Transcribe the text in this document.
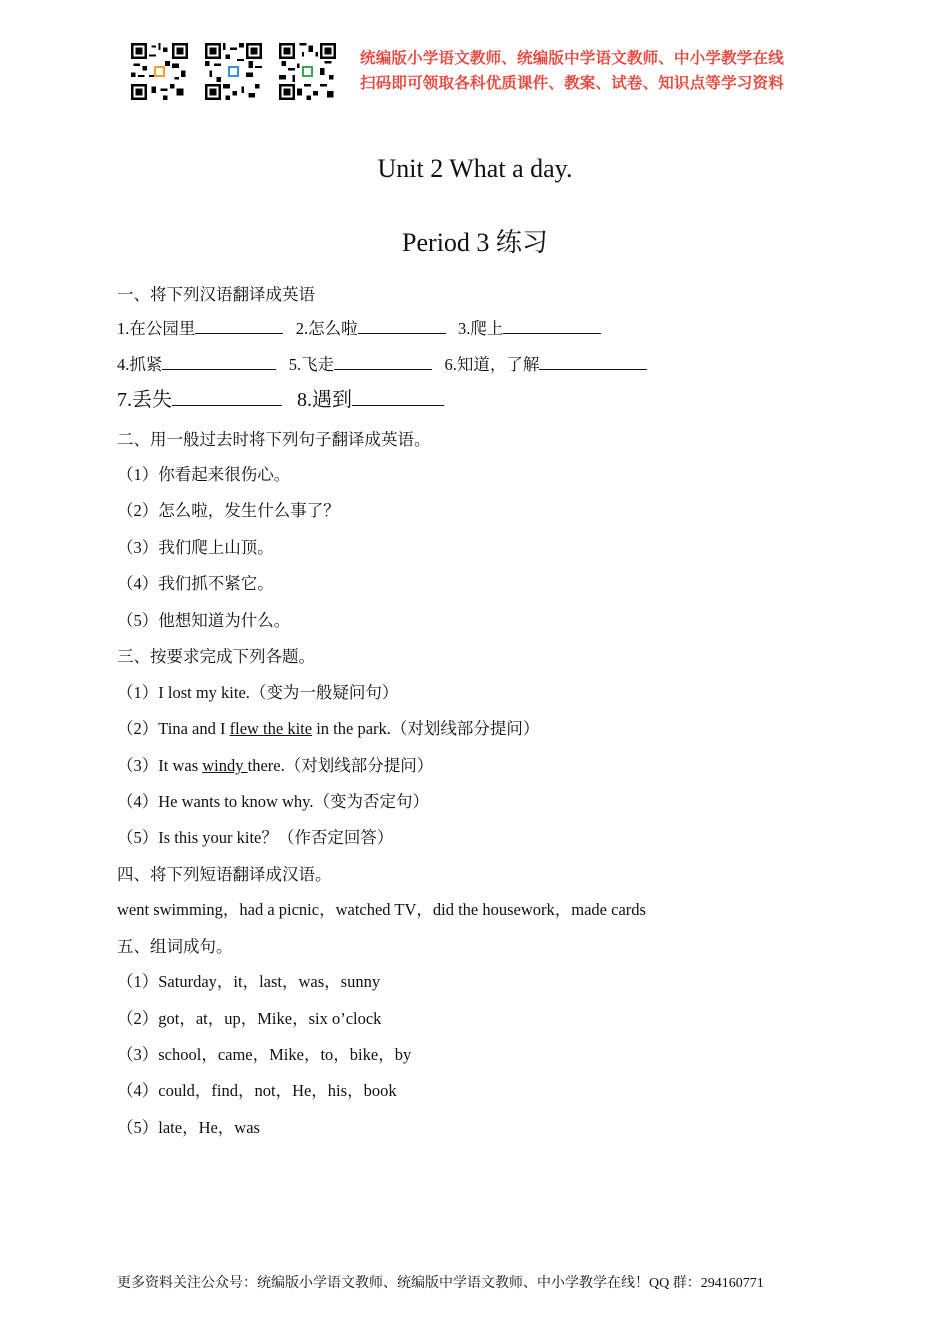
统编版小学语文教师、统编版中学语文教师、中小学教学在线
扫码即可领取各科优质课件、教案、试卷、知识点等学习资料
Unit 2 What a day.
Period 3 练习
一、将下列汉语翻译成英语
1.在公园里	2.怎么啦	3.爬上
4.抓紧	5.飞走	6.知道，了解
7.丢失	8.遇到
二、用一般过去时将下列句子翻译成英语。
（1）你看起来很伤心。
（2）怎么啦，发生什么事了？
（3）我们爬上山顶。
（4）我们抓不紧它。
（5）他想知道为什么。
三、按要求完成下列各题。
（1）I lost my kite.（变为一般疑问句）
（2）Tina and I flew the kite in the park.（对划线部分提问）
（3）It was windy there.（对划线部分提问）
（4）He wants to know why.（变为否定句）
（5）Is this your kite？（作否定回答）
四、将下列短语翻译成汉语。
went swimming，had a picnic，watched TV，did the housework，made cards
五、组词成句。
（1）Saturday，it，last，was，sunny
（2）got，at，up，Mike，six o’clock
（3）school，came，Mike，to，bike，by
（4）could，find，not，He，his，book
（5）late，He，was
更多资料关注公众号：统编版小学语文教师、统编版中学语文教师、中小学教学在线！QQ 群：294160771
